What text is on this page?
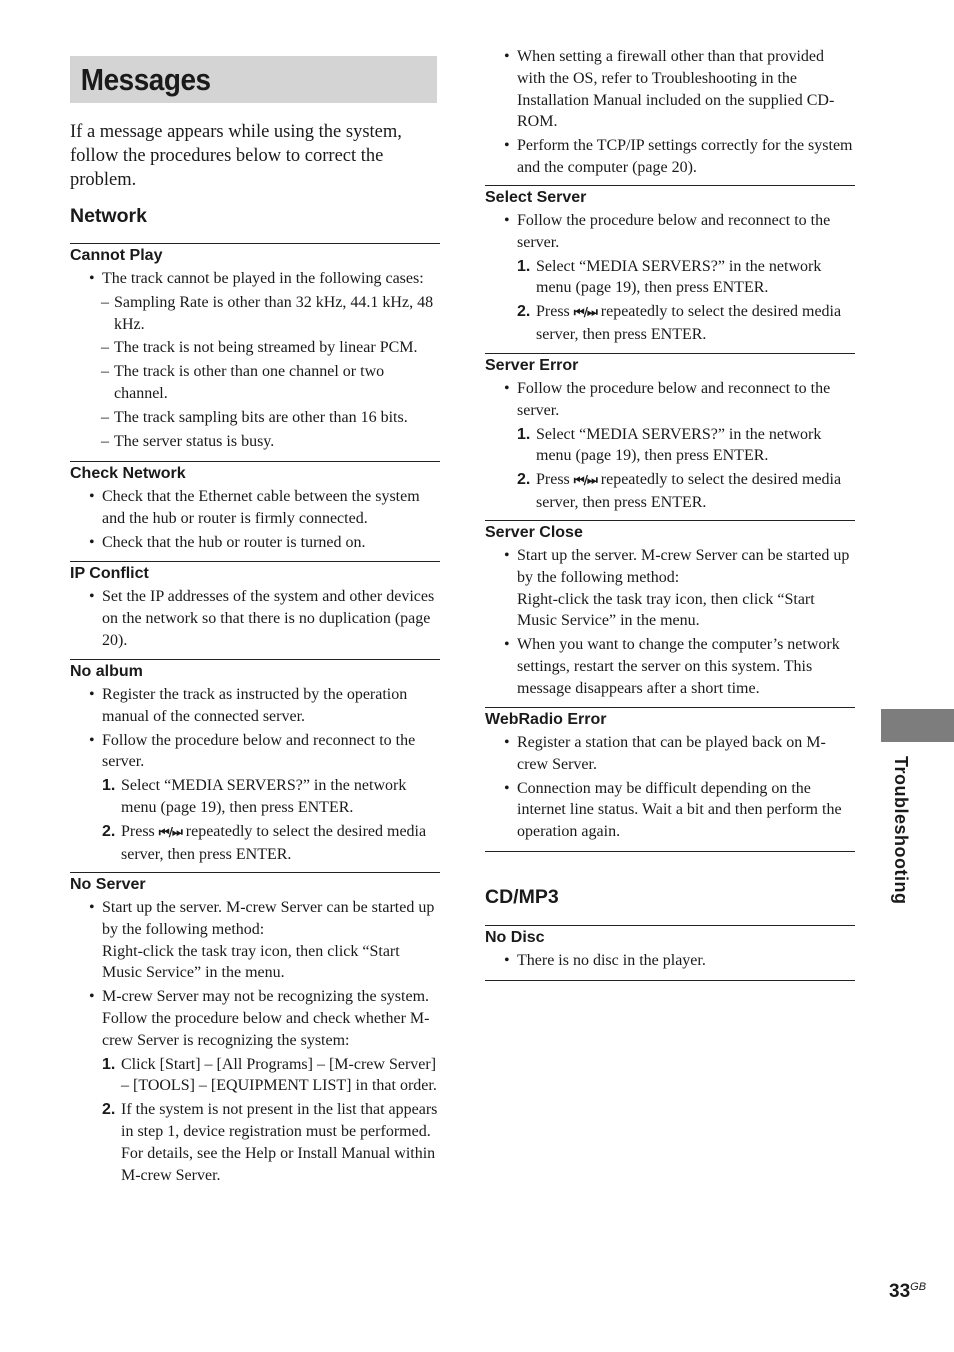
Messages
If a message appears while using the system, follow the procedures below to correct the problem.
Network
Cannot Play

• The track cannot be played in the following cases:

– Sampling Rate is other than 32 kHz, 44.1 kHz, 48 kHz.

– The track is not being streamed by linear PCM.

– The track is other than one channel or two channel.

– The track sampling bits are other than 16 bits.

– The server status is busy.

Check Network

• Check that the Ethernet cable between the system and the hub or router is firmly connected.

• Check that the hub or router is turned on.

IP Conflict

• Set the IP addresses of the system and other devices on the network so that there is no duplication (page 20).

No album

• Register the track as instructed by the operation manual of the connected server.

• Follow the procedure below and reconnect to the server.

1. Select “MEDIA SERVERS?” in the network menu (page 19), then press ENTER.

2. Press ⏮/⏭ repeatedly to select the desired media server, then press ENTER.

No Server

• Start up the server. M-crew Server can be started up by the following method:

Right-click the task tray icon, then click “Start Music Service” in the menu.

• M-crew Server may not be recognizing the system. Follow the procedure below and check whether M-crew Server is recognizing the system:

1. Click [Start] – [All Programs] – [M-crew Server] – [TOOLS] – [EQUIPMENT LIST] in that order.

2. If the system is not present in the list that appears in step 1, device registration must be performed. For details, see the Help or Install Manual within M-crew Server.

• When setting a firewall other than that provided with the OS, refer to Troubleshooting in the Installation Manual included on the supplied CD-ROM.

• Perform the TCP/IP settings correctly for the system and the computer (page 20).

Select Server

• Follow the procedure below and reconnect to the server.

1. Select “MEDIA SERVERS?” in the network menu (page 19), then press ENTER.

2. Press ⏮/⏭ repeatedly to select the desired media server, then press ENTER.

Server Error

• Follow the procedure below and reconnect to the server.

1. Select “MEDIA SERVERS?” in the network menu (page 19), then press ENTER.

2. Press ⏮/⏭ repeatedly to select the desired media server, then press ENTER.

Server Close

• Start up the server. M-crew Server can be started up by the following method:

Right-click the task tray icon, then click “Start Music Service” in the menu.

• When you want to change the computer’s network settings, restart the server on this system. This message disappears after a short time.

WebRadio Error

• Register a station that can be played back on M-crew Server.

• Connection may be difficult depending on the internet line status. Wait a bit and then perform the operation again.

CD/MP3
No Disc

• There is no disc in the player.

Troubleshooting
$33^{GB}$
